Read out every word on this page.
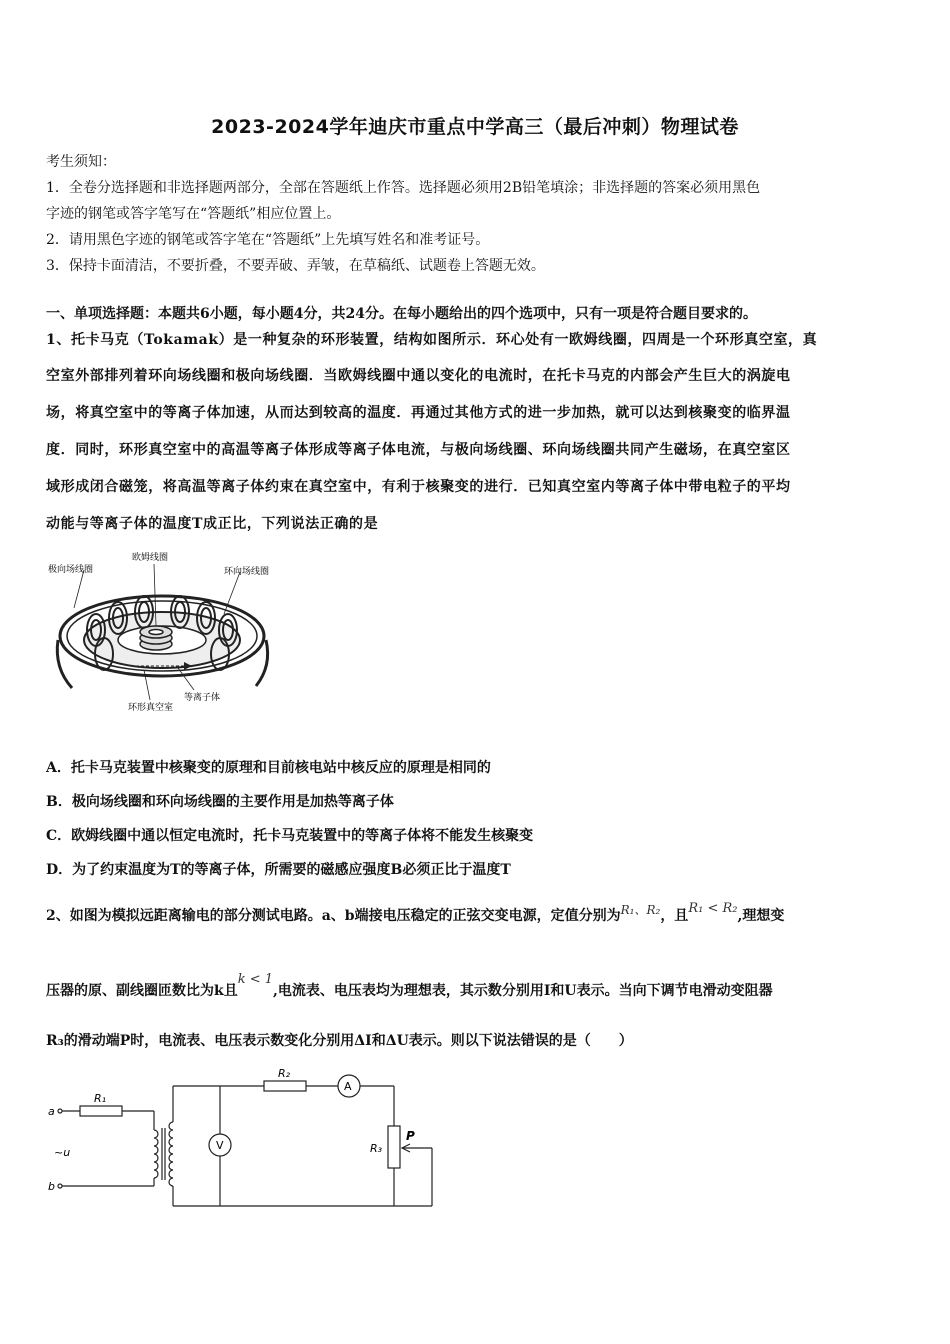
2023-2024学年迪庆市重点中学高三（最后冲刺）物理试卷
考生须知：
1．全卷分选择题和非选择题两部分，全部在答题纸上作答。选择题必须用2B铅笔填涂；非选择题的答案必须用黑色
字迹的钢笔或答字笔写在“答题纸”相应位置上。
2．请用黑色字迹的钢笔或答字笔在“答题纸”上先填写姓名和准考证号。
3．保持卡面清洁，不要折叠，不要弄破、弄皱，在草稿纸、试题卷上答题无效。
一、单项选择题：本题共6小题，每小题4分，共24分。在每小题给出的四个选项中，只有一项是符合题目要求的。
1、托卡马克（Tokamak）是一种复杂的环形装置，结构如图所示．环心处有一欧姆线圈，四周是一个环形真空室，真
空室外部排列着环向场线圈和极向场线圈．当欧姆线圈中通以变化的电流时，在托卡马克的内部会产生巨大的涡旋电
场，将真空室中的等离子体加速，从而达到较高的温度．再通过其他方式的进一步加热，就可以达到核聚变的临界温
度．同时，环形真空室中的高温等离子体形成等离子体电流，与极向场线圈、环向场线圈共同产生磁场，在真空室区
域形成闭合磁笼，将高温等离子体约束在真空室中，有利于核聚变的进行．已知真空室内等离子体中带电粒子的平均
动能与等离子体的温度T成正比，下列说法正确的是
欧姆线圈
极向场线圈	环向场线圈
等离子体
环形真空室
A．托卡马克装置中核聚变的原理和目前核电站中核反应的原理是相同的
B．极向场线圈和环向场线圈的主要作用是加热等离子体
C．欧姆线圈中通以恒定电流时，托卡马克装置中的等离子体将不能发生核聚变
D．为了约束温度为T的等离子体，所需要的磁感应强度B必须正比于温度T
2、如图为模拟远距离输电的部分测试电路。a、b端接电压稳定的正弦交变电源，定值分别为R₁、R₂，且R₁ < R₂,理想变
压器的原、副线圈匝数比为k且k < 1,电流表、电压表均为理想表，其示数分别用I和U表示。当向下调节电滑动变阻器
R₃的滑动端P时，电流表、电压表示数变化分别用ΔI和ΔU表示。则以下说法错误的是（　　）
a
b
~u
R₁
R₂
R₃
A
V
P
